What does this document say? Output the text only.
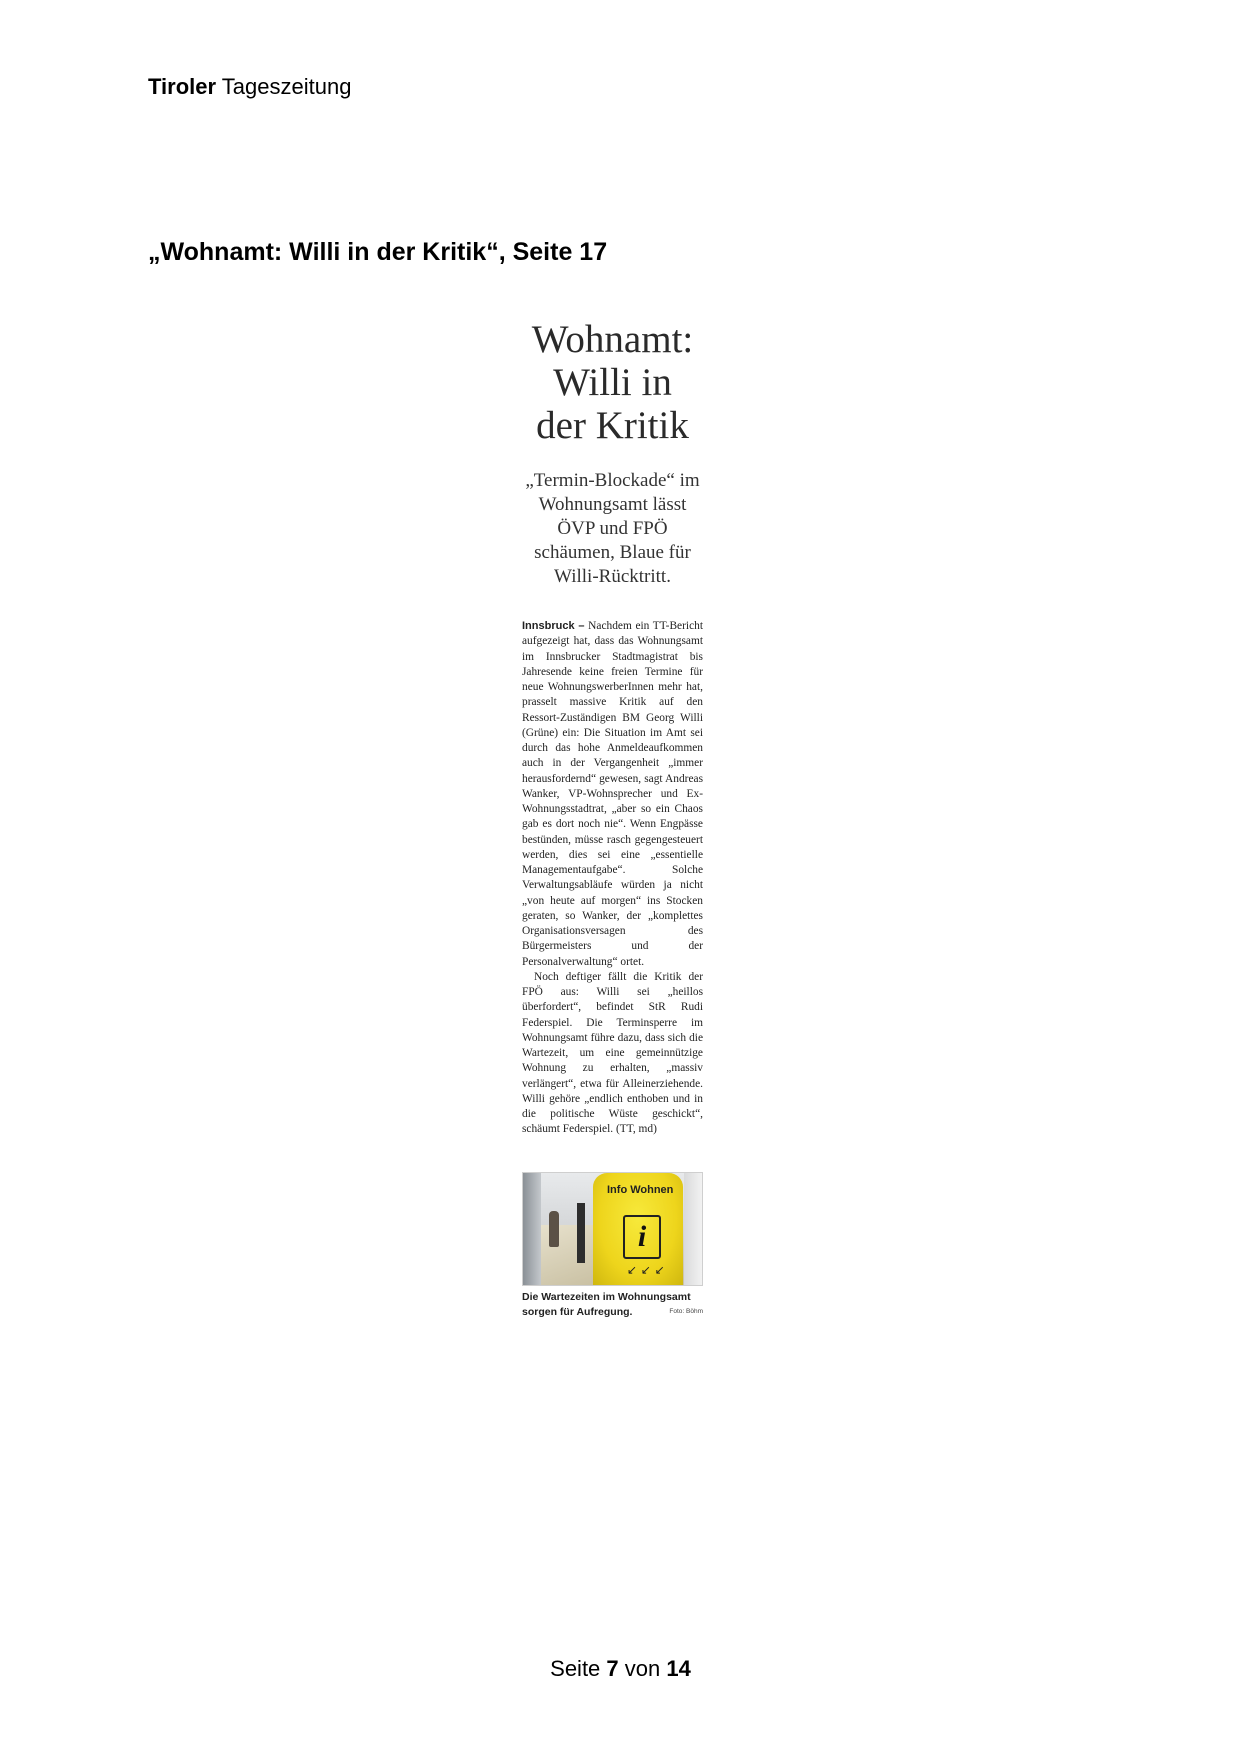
Tiroler Tageszeitung
„Wohnamt: Willi in der Kritik“, Seite 17
Wohnamt:
Willi in
der Kritik
„Termin-Blockade“ im Wohnungsamt lässt ÖVP und FPÖ schäumen, Blaue für Willi-Rücktritt.

Innsbruck – Nachdem ein TT-Bericht aufgezeigt hat, dass das Wohnungsamt im Innsbrucker Stadtmagistrat bis Jahresende keine freien Termine für neue WohnungswerberInnen mehr hat, prasselt massive Kritik auf den Ressort-Zuständigen BM Georg Willi (Grüne) ein: Die Situation im Amt sei durch das hohe Anmeldeaufkommen auch in der Vergangenheit „immer herausfordernd“ gewesen, sagt Andreas Wanker, VP-Wohnsprecher und Ex-Wohnungsstadtrat, „aber so ein Chaos gab es dort noch nie“. Wenn Engpässe bestünden, müsse rasch gegengesteuert werden, dies sei eine „essentielle Managementaufgabe“. Solche Verwaltungsabläufe würden ja nicht „von heute auf morgen“ ins Stocken geraten, so Wanker, der „komplettes Organisationsversagen des Bürgermeisters und der Personalverwaltung“ ortet.

Noch deftiger fällt die Kritik der FPÖ aus: Willi sei „heillos überfordert“, befindet StR Rudi Federspiel. Die Terminsperre im Wohnungsamt führe dazu, dass sich die Wartezeit, um eine gemeinnützige Wohnung zu erhalten, „massiv verlängert“, etwa für Alleinerziehende. Willi gehöre „endlich enthoben und in die politische Wüste geschickt“, schäumt Federspiel. (TT, md)

Info Wohnen
i
↙ ↙ ↙
Die Wartezeiten im Wohnungsamt sorgen für Aufregung.	Foto: Böhm
Seite 7 von 14
